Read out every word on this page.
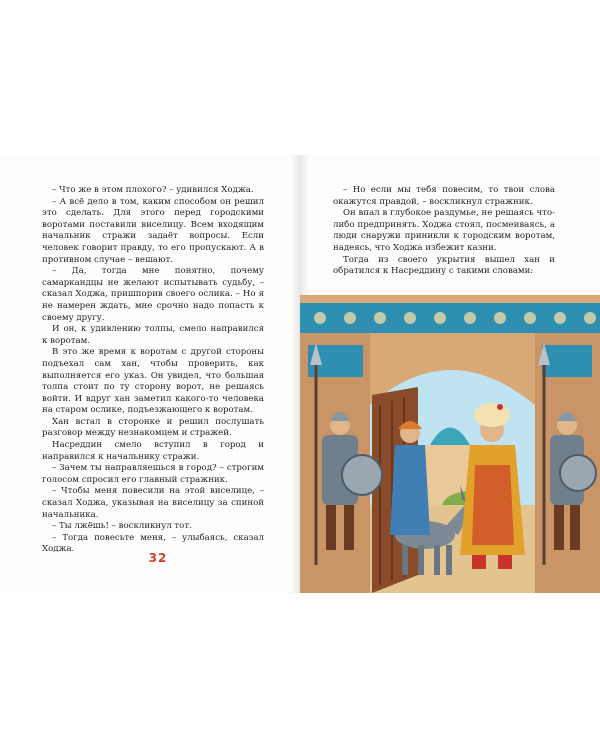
– Что же в этом плохого? – удивился Ходжа.

– А всё дело в том, каким способом он решил это сделать. Для этого перед городскими воротами поставили виселицу. Всем входящим начальник стражи задаёт вопросы. Если человек говорит правду, то его пропускают. А в противном случае – вешают.

– Да, тогда мне понятно, почему самаркандцы не желают испытывать судьбу, – сказал Ходжа, пришпорив своего ослика. – Но я не намерен ждать, мне срочно надо попасть к своему другу.

И он, к удивлению толпы, смело направился к воротам.

В это же время к воротам с другой стороны подъехал сам хан, чтобы проверить, как выполняется его указ. Он увидел, что большая толпа стоит по ту сторону ворот, не решаясь войти. И вдруг хан заметил какого-то человека на старом ослике, подъезжающего к воротам.

Хан встал в сторонке и решил послушать разговор между незнакомцем и стражей.

Насреддин смело вступил в город и направился к начальнику стражи.

– Зачем ты направляешься в город? – строгим голосом спросил его главный стражник.

– Чтобы меня повесили на этой виселице, – сказал Ходжа, указывая на виселицу за спиной начальника.

– Ты лжёшь! – воскликнул тот.

– Тогда повесьте меня, – улыбаясь, сказал Ходжа.

32

– Но если мы тебя повесим, то твои слова окажутся правдой, – воскликнул стражник.

Он впал в глубокое раздумье, не решаясь что-либо предпринять. Ходжа стоял, посмеиваясь, а люди снаружи приникли к городским воротам, надеясь, что Ходжа избежит казни.

Тогда из своего укрытия вышел хан и обратился к Насреддину с такими словами:
